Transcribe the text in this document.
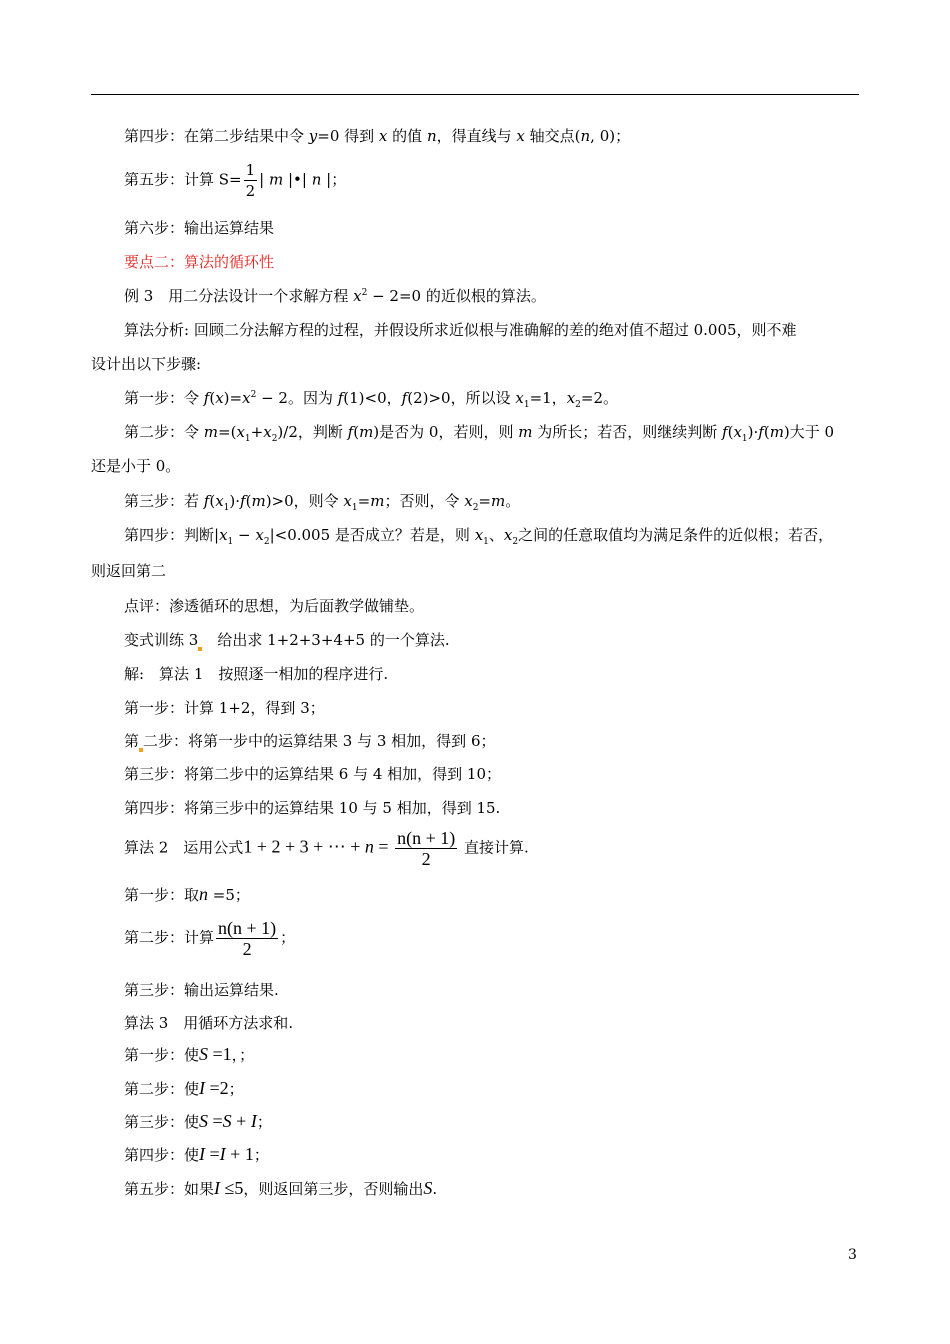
第四步：在第二步结果中令 y=0 得到 x 的值 n，得直线与 x 轴交点(n, 0)；
第五步：计算 $S= \frac{1}{2}$ | m |•| n |；
第六步：输出运算结果
要点二：算法的循环性
例 3　用二分法设计一个求解方程 $x^2 - 2=0$ 的近似根的算法。
算法分析: 回顾二分法解方程的过程，并假设所求近似根与准确解的差的绝对值不超过 0.005，则不难
设计出以下步骤:
第一步：令 $f(x)=x^2 - 2$。因为 f(1)<0，f(2)>0，所以设 $x_1=1$，$x_2=2$。
第二步：令 $m=(x_1+x_2)/2$，判断 f(m)是否为 0，若则，则 m 为所长；若否，则继续判断 $f(x_1)\cdot f(m)$大于 0
还是小于 0。
第三步：若 $f(x_1)\cdot f(m)>0$，则令 $x_1=m$；否则，令 $x_2=m$。
第四步：判断$|x_1 - x_2|<0.005$ 是否成立？若是，则 $x_1$、$x_2$之间的任意取值均为满足条件的近似根；若否，
则返回第二
点评：渗透循环的思想，为后面教学做铺垫。
变式训练 3　给出求 1+2+3+4+5 的一个算法.
解:　算法 1　按照逐一相加的程序进行.
第一步：计算 1+2，得到 3；
第 二步：将第一步中的运算结果 3 与 3 相加，得到 6；
第三步：将第二步中的运算结果 6 与 4 相加，得到 10；
第四步：将第三步中的运算结果 10 与 5 相加，得到 15.
算法 2　运用公式1 + 2 + 3 + ⋯ + $n = \frac{n(n + 1)}{2}$ 直接计算.
第一步：取n =5；
第二步：计算 $\frac{n(n + 1)}{2}$ ；
第三步：输出运算结果.
算法 3　用循环方法求和.
第一步：使S =1，；
第二步：使I =2；
第三步：使S =S + I；
第四步：使I =I + 1；
第五步：如果I ≤5，则返回第三步，否则输出S.
3
